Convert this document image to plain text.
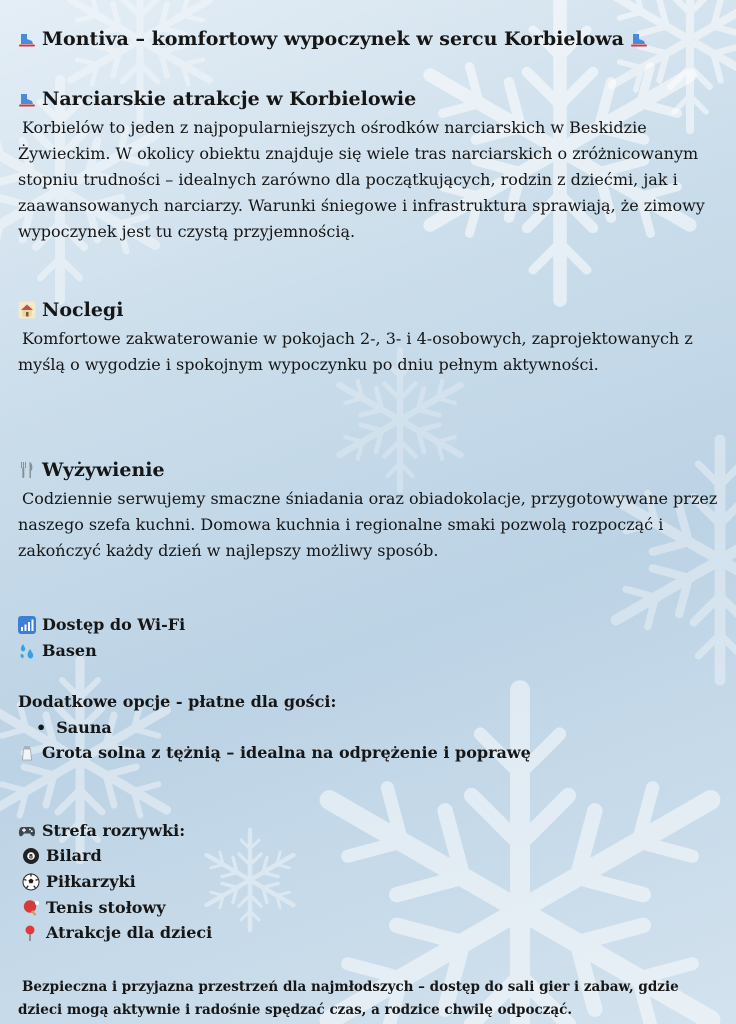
Montiva – komfortowy wypoczynek w sercu Korbielowa
Narciarskie atrakcje w Korbielowie
Korbielów to jeden z najpopularniejszych ośrodków narciarskich w Beskidzie Żywieckim. W okolicy obiektu znajduje się wiele tras narciarskich o zróżnicowanym stopniu trudności – idealnych zarówno dla początkujących, rodzin z dziećmi, jak i zaawansowanych narciarzy. Warunki śniegowe i infrastruktura sprawiają, że zimowy wypoczynek jest tu czystą przyjemnością.
Noclegi
Komfortowe zakwaterowanie w pokojach 2-, 3- i 4-osobowych, zaprojektowanych z myślą o wygodzie i spokojnym wypoczynku po dniu pełnym aktywności.
Wyżywienie
Codziennie serwujemy smaczne śniadania oraz obiadokolacje, przygotowywane przez naszego szefa kuchni. Domowa kuchnia i regionalne smaki pozwolą rozpocząć i zakończyć każdy dzień w najlepszy możliwy sposób.
Dostęp do Wi-Fi
Basen
Dodatkowe opcje - płatne dla gości:
• Sauna
Grota solna z tężnią – idealna na odprężenie i poprawę
Strefa rozrywki:
8 Bilard
Piłkarzyki
Tenis stołowy
Atrakcje dla dzieci
Bezpieczna i przyjazna przestrzeń dla najmłodszych – dostęp do sali gier i zabaw, gdzie dzieci mogą aktywnie i radośnie spędzać czas, a rodzice chwilę odpocząć.
